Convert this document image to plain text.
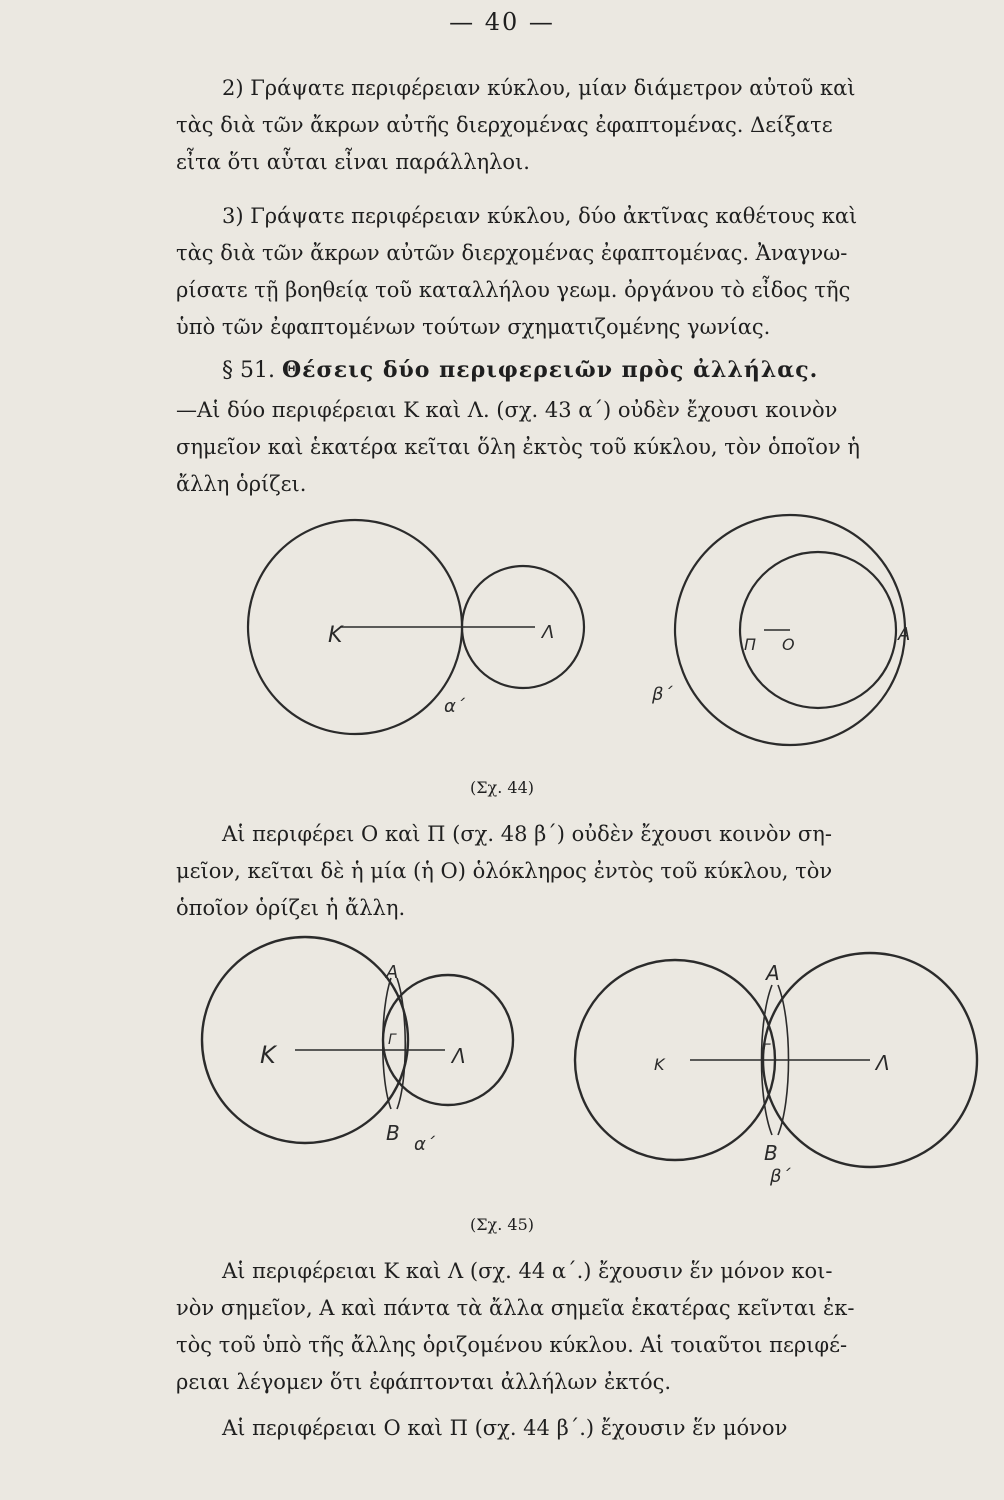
— 40 —

2) Γράψατε περιφέρειαν κύκλου, μίαν διάμετρον αὐτοῦ καὶ
τὰς διὰ τῶν ἄκρων αὐτῆς διερχομένας ἐφαπτομένας. Δείξατε
εἶτα ὅτι αὗται εἶναι παράλληλοι.

3) Γράψατε περιφέρειαν κύκλου, δύο ἀκτῖνας καθέτους καὶ
τὰς διὰ τῶν ἄκρων αὐτῶν διερχομένας ἐφαπτομένας. Ἀναγνω-
ρίσατε τῇ βοηθείᾳ τοῦ καταλλήλου γεωμ. ὀργάνου τὸ εἶδος τῆς
ὑπὸ τῶν ἐφαπτομένων τούτων σχηματιζομένης γωνίας.

§ 51. Θέσεις δύο περιφερειῶν πρὸς ἀλλήλας.

—Αἱ δύο περιφέρειαι Κ καὶ Λ. (σχ. 43 α΄) οὐδὲν ἔχουσι κοινὸν
σημεῖον καὶ ἑκατέρα κεῖται ὅλη ἐκτὸς τοῦ κύκλου, τὸν ὁποῖον ἡ
ἄλλη ὁρίζει.

K	Λ
α΄
Π O	A
β΄
K	Λ
A
B
Γ
α΄
K	Λ
A
B
Γ
β΄
(Σχ. 44)

Αἱ περιφέρει Ο καὶ Π (σχ. 48 β΄) οὐδὲν ἔχουσι κοινὸν ση-
μεῖον, κεῖται δὲ ἡ μία (ἡ Ο) ὁλόκληρος ἐντὸς τοῦ κύκλου, τὸν
ὁποῖον ὁρίζει ἡ ἄλλη.

(Σχ. 45)

Αἱ περιφέρειαι Κ καὶ Λ (σχ. 44 α΄.) ἔχουσιν ἕν μόνον κοι-
νὸν σημεῖον, Α καὶ πάντα τὰ ἄλλα σημεῖα ἑκατέρας κεῖνται ἐκ-
τὸς τοῦ ὑπὸ τῆς ἄλλης ὁριζομένου κύκλου. Αἱ τοιαῦτοι περιφέ-
ρειαι λέγομεν ὅτι ἐφάπτονται ἀλλήλων ἐκτός.

Αἱ περιφέρειαι Ο καὶ Π (σχ. 44 β΄.) ἔχουσιν ἕν μόνον
